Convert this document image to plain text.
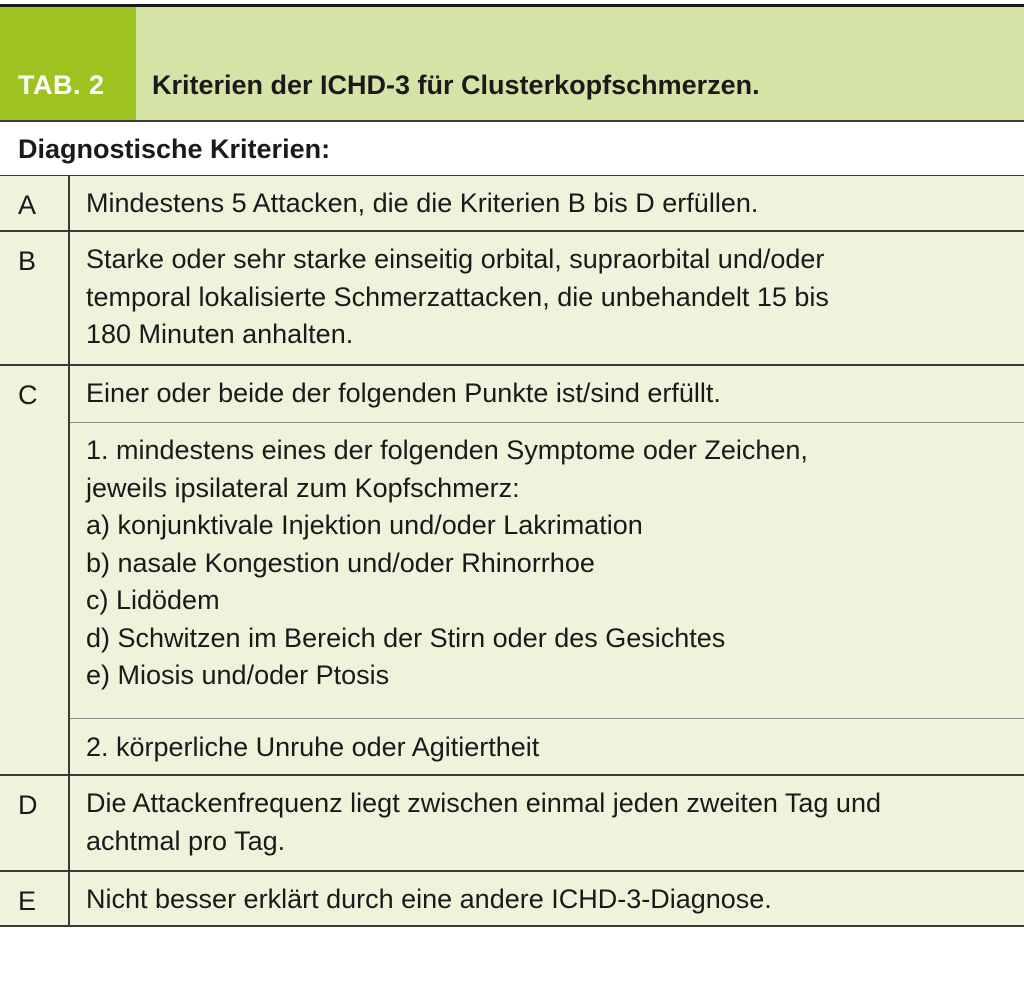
TAB. 2 Kriterien der ICHD-3 für Clusterkopfschmerzen.
Diagnostische Kriterien:
A Mindestens 5 Attacken, die die Kriterien B bis D erfüllen.
B Starke oder sehr starke einseitig orbital, supraorbital und/oder
temporal lokalisierte Schmerzattacken, die unbehandelt 15 bis
180 Minuten anhalten.
C Einer oder beide der folgenden Punkte ist/sind erfüllt.
1. mindestens eines der folgenden Symptome oder Zeichen,
jeweils ipsilateral zum Kopfschmerz:
a) konjunktivale Injektion und/oder Lakrimation
b) nasale Kongestion und/oder Rhinorrhoe
c) Lidödem
d) Schwitzen im Bereich der Stirn oder des Gesichtes
e) Miosis und/oder Ptosis
2. körperliche Unruhe oder Agitiertheit
D Die Attackenfrequenz liegt zwischen einmal jeden zweiten Tag und
achtmal pro Tag.
E Nicht besser erklärt durch eine andere ICHD-3-Diagnose.
